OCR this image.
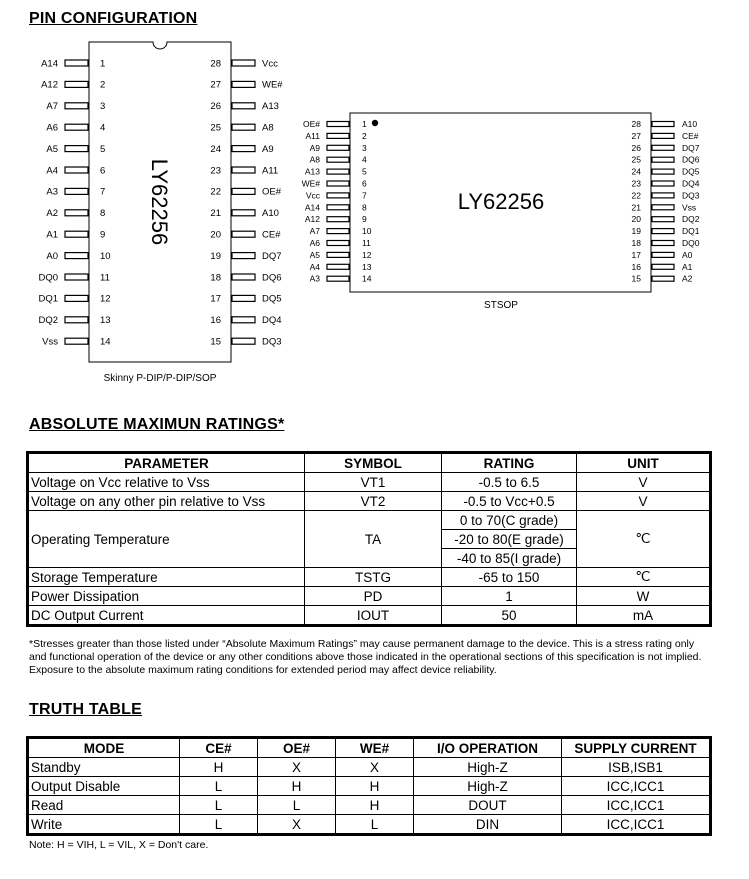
PIN CONFIGURATION
ABSOLUTE MAXIMUN RATINGS*
TRUTH TABLE
LY62256
A14	1
A12	2
A7	3
A6	4
A5	5
A4	6
A3	7
A2	8
A1	9
A0	10
DQ0	11
DQ1	12
DQ2	13
Vss	14
Vcc
28
WE#
27
A13
26
A8
25
A9
24
A11
23
OE#
22
A10
21
CE#
20
DQ7
19
DQ6
18
DQ5
17
DQ4
16
DQ3
15
Skinny P-DIP/P-DIP/SOP
LY62256
OE#	1
A11	2
A9	3
A8	4
A13	5
WE#	6
Vcc	7
A14	8
A12	9
A7	10
A6	11
A5	12
A4	13
A3	14
A10
28
CE#
27
DQ7
26
DQ6
25
DQ5
24
DQ4
23
DQ3
22
Vss
21
DQ2
20
DQ1
19
DQ0
18
A0
17
A1
16
A2
15
STSOP
PARAMETER	SYMBOL	RATING	UNIT
Voltage on Vcc relative to Vss	VT1	-0.5 to 6.5	V
Voltage on any other pin relative to Vss	VT2	-0.5 to Vcc+0.5	V
Operating Temperature	TA	0 to 70(C grade)	℃
		-20 to 80(E grade)	
		-40 to 85(I grade)	
Storage Temperature	TSTG	-65 to 150	℃
Power Dissipation	PD	1	W
DC Output Current	IOUT	50	mA
*Stresses greater than those listed under “Absolute Maximum Ratings” may cause permanent damage to the device. This is a stress rating only and functional operation of the device or any other conditions above those indicated in the operational sections of this specification is not implied. Exposure to the absolute maximum rating conditions for extended period may affect device reliability.
MODE	CE#	OE#	WE#	I/O OPERATION	SUPPLY CURRENT
Standby	H	X	X	High-Z	ISB,ISB1
Output Disable	L	H	H	High-Z	ICC,ICC1
Read	L	L	H	DOUT	ICC,ICC1
Write	L	X	L	DIN	ICC,ICC1
Note: H = VIH, L = VIL, X = Don't care.
